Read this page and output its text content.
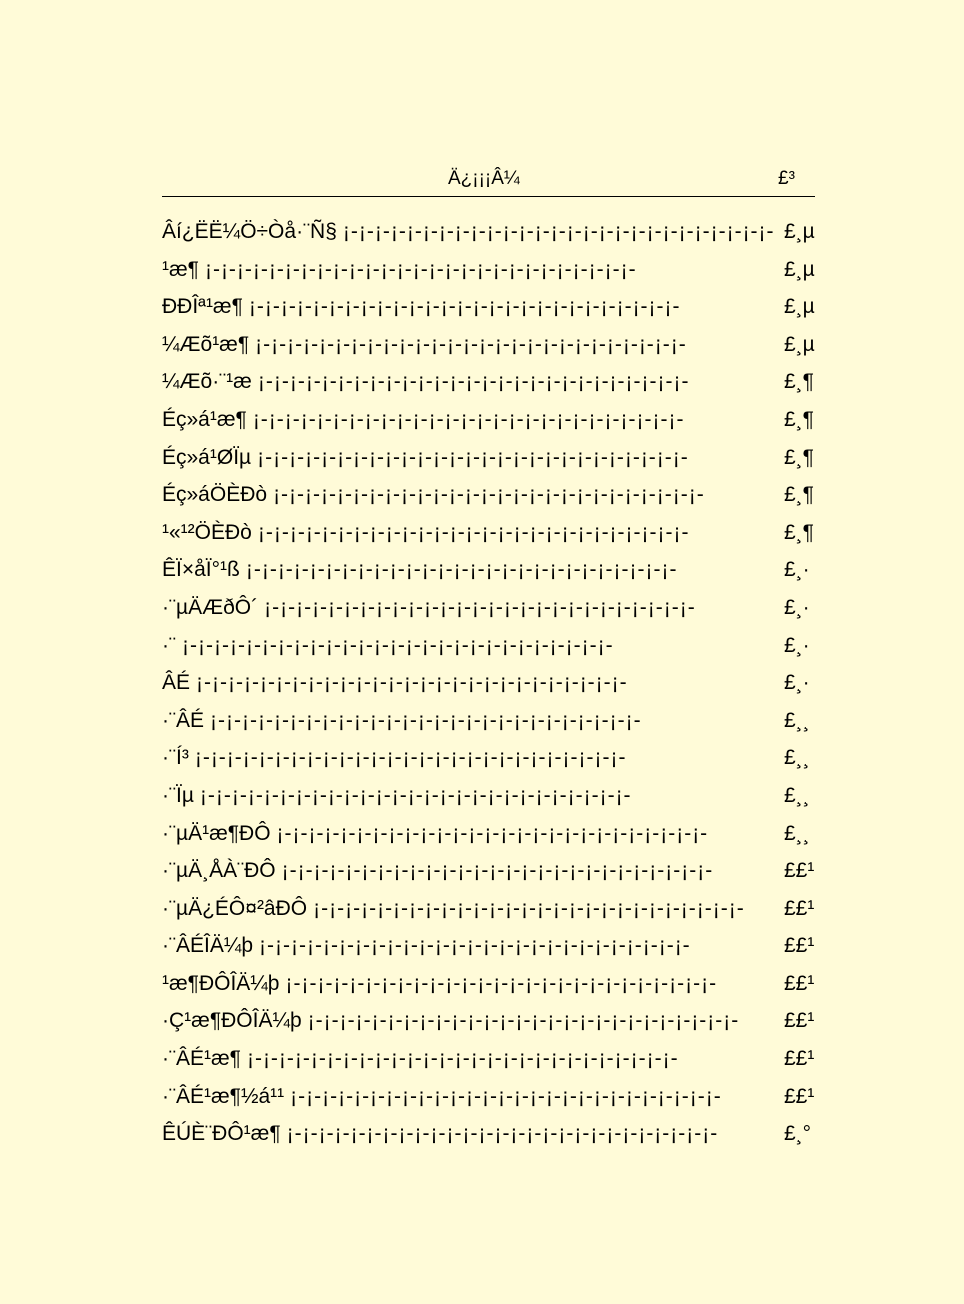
Ä¿¡¡¡Â¼	£³
Âí¿ËË¼Ö÷Òå·¨Ñ§ ¡-¡-¡-¡-¡-¡-¡-¡-¡-¡-¡-¡-¡-¡-¡-¡-¡-¡-¡-¡-¡-¡-¡-¡-¡-¡-¡- £¸µ
¹æ¶ ¡-¡-¡-¡-¡-¡-¡-¡-¡-¡-¡-¡-¡-¡-¡-¡-¡-¡-¡-¡-¡-¡-¡-¡-¡-¡-¡-	£¸µ
ÐÐÎª¹æ¶ ¡-¡-¡-¡-¡-¡-¡-¡-¡-¡-¡-¡-¡-¡-¡-¡-¡-¡-¡-¡-¡-¡-¡-¡-¡-¡-¡-	£¸µ
¼Æõ¹æ¶ ¡-¡-¡-¡-¡-¡-¡-¡-¡-¡-¡-¡-¡-¡-¡-¡-¡-¡-¡-¡-¡-¡-¡-¡-¡-¡-¡-	£¸µ
¼Æõ·¨¹æ ¡-¡-¡-¡-¡-¡-¡-¡-¡-¡-¡-¡-¡-¡-¡-¡-¡-¡-¡-¡-¡-¡-¡-¡-¡-¡-¡-	£¸¶
Éç»á¹æ¶ ¡-¡-¡-¡-¡-¡-¡-¡-¡-¡-¡-¡-¡-¡-¡-¡-¡-¡-¡-¡-¡-¡-¡-¡-¡-¡-¡-	£¸¶
Éç»á¹ØÏµ ¡-¡-¡-¡-¡-¡-¡-¡-¡-¡-¡-¡-¡-¡-¡-¡-¡-¡-¡-¡-¡-¡-¡-¡-¡-¡-¡-	£¸¶
Éç»áÖÈÐò ¡-¡-¡-¡-¡-¡-¡-¡-¡-¡-¡-¡-¡-¡-¡-¡-¡-¡-¡-¡-¡-¡-¡-¡-¡-¡-¡-	£¸¶
¹«¹²ÖÈÐò ¡-¡-¡-¡-¡-¡-¡-¡-¡-¡-¡-¡-¡-¡-¡-¡-¡-¡-¡-¡-¡-¡-¡-¡-¡-¡-¡-	£¸¶
ÊÏ×åÏ°¹ß ¡-¡-¡-¡-¡-¡-¡-¡-¡-¡-¡-¡-¡-¡-¡-¡-¡-¡-¡-¡-¡-¡-¡-¡-¡-¡-¡-	£¸·
·¨µÄÆðÔ´ ¡-¡-¡-¡-¡-¡-¡-¡-¡-¡-¡-¡-¡-¡-¡-¡-¡-¡-¡-¡-¡-¡-¡-¡-¡-¡-¡-	£¸·
·¨ ¡-¡-¡-¡-¡-¡-¡-¡-¡-¡-¡-¡-¡-¡-¡-¡-¡-¡-¡-¡-¡-¡-¡-¡-¡-¡-¡-	£¸·
ÂÉ ¡-¡-¡-¡-¡-¡-¡-¡-¡-¡-¡-¡-¡-¡-¡-¡-¡-¡-¡-¡-¡-¡-¡-¡-¡-¡-¡-	£¸·
·¨ÂÉ ¡-¡-¡-¡-¡-¡-¡-¡-¡-¡-¡-¡-¡-¡-¡-¡-¡-¡-¡-¡-¡-¡-¡-¡-¡-¡-¡-	£¸¸
·¨Í³ ¡-¡-¡-¡-¡-¡-¡-¡-¡-¡-¡-¡-¡-¡-¡-¡-¡-¡-¡-¡-¡-¡-¡-¡-¡-¡-¡-	£¸¸
·¨Ïµ ¡-¡-¡-¡-¡-¡-¡-¡-¡-¡-¡-¡-¡-¡-¡-¡-¡-¡-¡-¡-¡-¡-¡-¡-¡-¡-¡-	£¸¸
·¨µÄ¹æ¶ÐÔ ¡-¡-¡-¡-¡-¡-¡-¡-¡-¡-¡-¡-¡-¡-¡-¡-¡-¡-¡-¡-¡-¡-¡-¡-¡-¡-¡-	£¸¸
·¨µÄ¸ÅÀ¨ÐÔ ¡-¡-¡-¡-¡-¡-¡-¡-¡-¡-¡-¡-¡-¡-¡-¡-¡-¡-¡-¡-¡-¡-¡-¡-¡-¡-¡-	££¹
·¨µÄ¿ÉÔ¤²âÐÔ ¡-¡-¡-¡-¡-¡-¡-¡-¡-¡-¡-¡-¡-¡-¡-¡-¡-¡-¡-¡-¡-¡-¡-¡-¡-¡-¡-	££¹
·¨ÂÉÎÄ¼þ ¡-¡-¡-¡-¡-¡-¡-¡-¡-¡-¡-¡-¡-¡-¡-¡-¡-¡-¡-¡-¡-¡-¡-¡-¡-¡-¡-	££¹
¹æ¶ÐÔÎÄ¼þ ¡-¡-¡-¡-¡-¡-¡-¡-¡-¡-¡-¡-¡-¡-¡-¡-¡-¡-¡-¡-¡-¡-¡-¡-¡-¡-¡-	££¹
·Ç¹æ¶ÐÔÎÄ¼þ ¡-¡-¡-¡-¡-¡-¡-¡-¡-¡-¡-¡-¡-¡-¡-¡-¡-¡-¡-¡-¡-¡-¡-¡-¡-¡-¡-	££¹
·¨ÂÉ¹æ¶ ¡-¡-¡-¡-¡-¡-¡-¡-¡-¡-¡-¡-¡-¡-¡-¡-¡-¡-¡-¡-¡-¡-¡-¡-¡-¡-¡-	££¹
·¨ÂÉ¹æ¶½á¹¹ ¡-¡-¡-¡-¡-¡-¡-¡-¡-¡-¡-¡-¡-¡-¡-¡-¡-¡-¡-¡-¡-¡-¡-¡-¡-¡-¡-	££¹
ÊÚÈ¨ÐÔ¹æ¶ ¡-¡-¡-¡-¡-¡-¡-¡-¡-¡-¡-¡-¡-¡-¡-¡-¡-¡-¡-¡-¡-¡-¡-¡-¡-¡-¡-	£¸°
